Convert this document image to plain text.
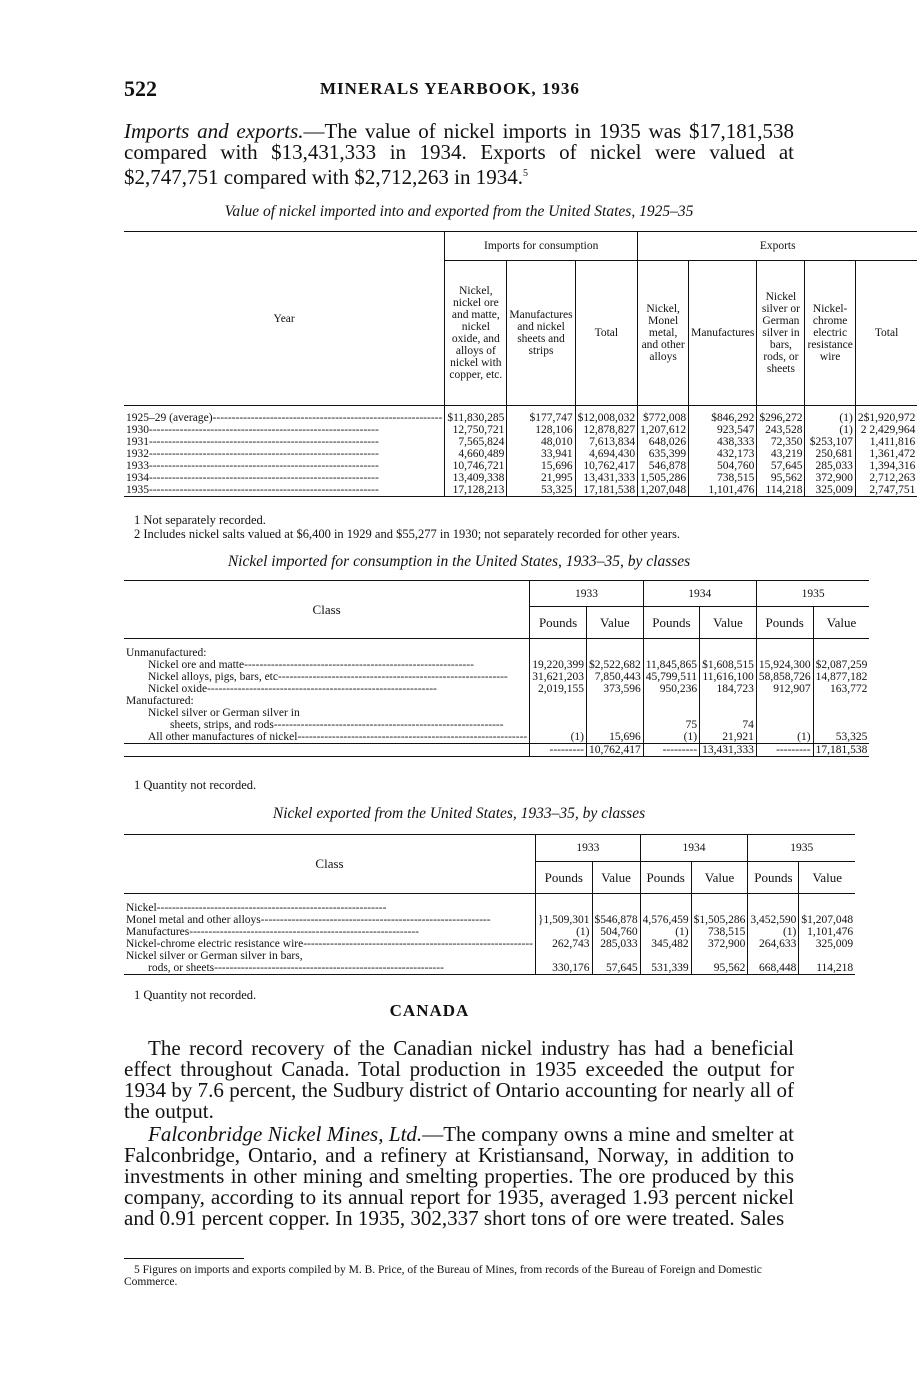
522	MINERALS YEARBOOK, 1936
Imports and exports.—The value of nickel imports in 1935 was $17,181,538 compared with $13,431,333 in 1934. Exports of nickel were valued at $2,747,751 compared with $2,712,263 in 1934.$^5$
Value of nickel imported into and exported from the United States, 1925–35
Year	Imports for consumption			Exports				
	Nickel, nickel ore and matte, nickel oxide, and alloys of nickel with copper, etc.	Manufactures and nickel sheets and strips	Total	Nickel, Monel metal, and other alloys	Manufactures	Nickel silver or German silver in bars, rods, or sheets	Nickel-chrome electric resistance wire	Total

1925–29 (average)------------------------------------------------------------	$11,830,285	$177,747	$12,008,032	$772,008	$846,292	$296,272	(1)	2$1,920,972
1930------------------------------------------------------------	12,750,721	128,106	12,878,827	1,207,612	923,547	243,528	(1)	2 2,429,964
1931------------------------------------------------------------	7,565,824	48,010	7,613,834	648,026	438,333	72,350	$253,107	1,411,816
1932------------------------------------------------------------	4,660,489	33,941	4,694,430	635,399	432,173	43,219	250,681	1,361,472
1933------------------------------------------------------------	10,746,721	15,696	10,762,417	546,878	504,760	57,645	285,033	1,394,316
1934------------------------------------------------------------	13,409,338	21,995	13,431,333	1,505,286	738,515	95,562	372,900	2,712,263
1935------------------------------------------------------------	17,128,213	53,325	17,181,538	1,207,048	1,101,476	114,218	325,009	2,747,751
1 Not separately recorded.
2 Includes nickel salts valued at $6,400 in 1929 and $55,277 in 1930; not separately recorded for other years.
Nickel imported for consumption in the United States, 1933–35, by classes
Class	1933		1934		1935	
	Pounds	Value	Pounds	Value	Pounds	Value

Unmanufactured:						
Nickel ore and matte------------------------------------------------------------	19,220,399	$2,522,682	11,845,865	$1,608,515	15,924,300	$2,087,259
Nickel alloys, pigs, bars, etc------------------------------------------------------------	31,621,203	7,850,443	45,799,511	11,616,100	58,858,726	14,877,182
Nickel oxide------------------------------------------------------------	2,019,155	373,596	950,236	184,723	912,907	163,772
Manufactured:						
Nickel silver or German silver in						
sheets, strips, and rods------------------------------------------------------------			75	74		
All other manufactures of nickel------------------------------------------------------------	(1)	15,696	(1)	21,921	(1)	53,325
	---------	10,762,417	---------	13,431,333	---------	17,181,538
1 Quantity not recorded.
Nickel exported from the United States, 1933–35, by classes
Class	1933		1934		1935	
	Pounds	Value	Pounds	Value	Pounds	Value

Nickel------------------------------------------------------------						
Monel metal and other alloys------------------------------------------------------------	}1,509,301	$546,878	4,576,459	$1,505,286	3,452,590	$1,207,048
Manufactures------------------------------------------------------------	(1)	504,760	(1)	738,515	(1)	1,101,476
Nickel-chrome electric resistance wire------------------------------------------------------------	262,743	285,033	345,482	372,900	264,633	325,009
Nickel silver or German silver in bars,						
rods, or sheets------------------------------------------------------------	330,176	57,645	531,339	95,562	668,448	114,218
1 Quantity not recorded.
CANADA
The record recovery of the Canadian nickel industry has had a beneficial effect throughout Canada. Total production in 1935 exceeded the output for 1934 by 7.6 percent, the Sudbury district of Ontario accounting for nearly all of the output.
Falconbridge Nickel Mines, Ltd.—The company owns a mine and smelter at Falconbridge, Ontario, and a refinery at Kristiansand, Norway, in addition to investments in other mining and smelting properties. The ore produced by this company, according to its annual report for 1935, averaged 1.93 percent nickel and 0.91 percent copper. In 1935, 302,337 short tons of ore were treated. Sales
5 Figures on imports and exports compiled by M. B. Price, of the Bureau of Mines, from records of the Bureau of Foreign and Domestic Commerce.
